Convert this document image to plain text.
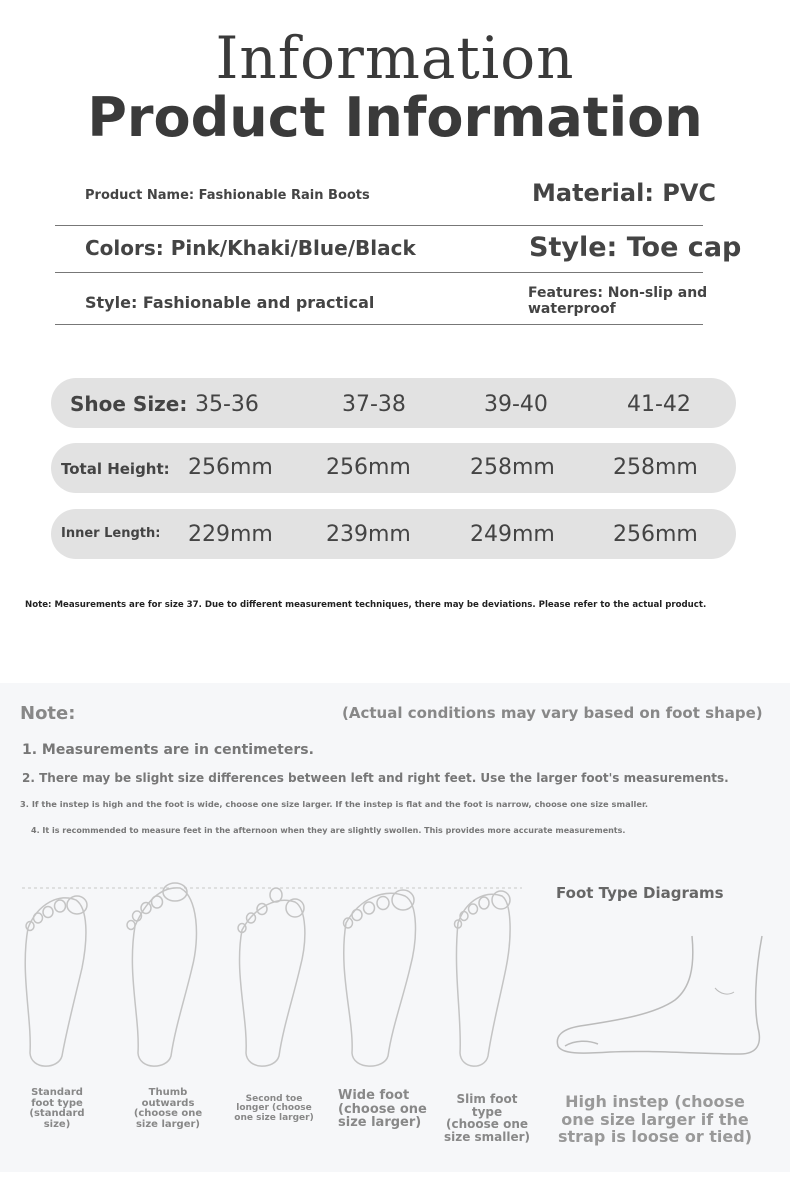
Information
Product Information
Product Name: Fashionable Rain Boots	Material: PVC
Colors: Pink/Khaki/Blue/Black	Style: Toe cap
Style: Fashionable and practical	Features: Non-slip and
waterproof
Shoe Size: 35-36	37-38	39-40	41-42
Total Height: 256mm 256mm	258mm	258mm
Inner Length: 229mm 239mm	249mm	256mm
Note: Measurements are for size 37. Due to different measurement techniques, there may be deviations. Please refer to the actual product.
Note:	(Actual conditions may vary based on foot shape)
1. Measurements are in centimeters.
2. There may be slight size differences between left and right feet. Use the larger foot's measurements.
3. If the instep is high and the foot is wide, choose one size larger. If the instep is flat and the foot is narrow, choose one size smaller.
4. It is recommended to measure feet in the afternoon when they are slightly swollen. This provides more accurate measurements.
Standard
foot type
(standard
size)
Thumb
outwards
(choose one
size larger)
Second toe
longer (choose
one size larger)
Wide foot
(choose one
size larger)
Slim foot type
(choose one
size smaller)
Foot Type Diagrams
High instep (choose
one size larger if the
strap is loose or tied)
